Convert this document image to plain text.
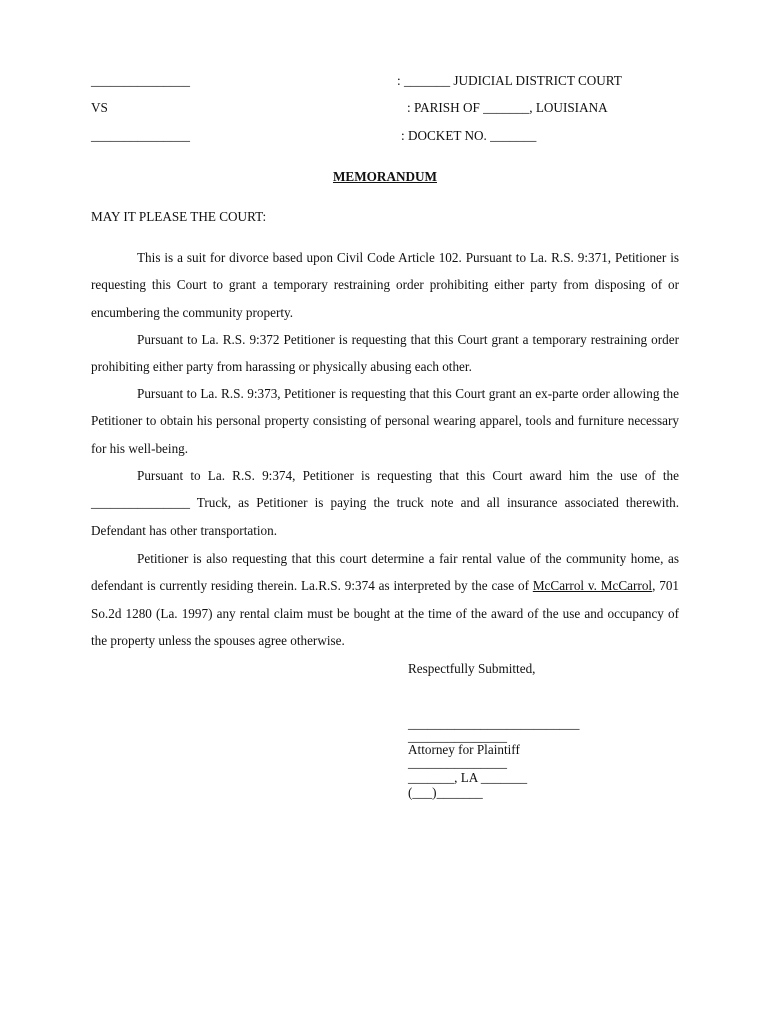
_______________	: _______ JUDICIAL DISTRICT COURT
VS	: PARISH OF _______, LOUISIANA
_______________	: DOCKET NO. _______
MEMORANDUM
MAY IT PLEASE THE COURT:

This is a suit for divorce based upon Civil Code Article 102. Pursuant to La. R.S. 9:371, Petitioner is requesting this Court to grant a temporary restraining order prohibiting either party from disposing of or encumbering the community property.

Pursuant to La. R.S. 9:372 Petitioner is requesting that this Court grant a temporary restraining order prohibiting either party from harassing or physically abusing each other.

Pursuant to La. R.S. 9:373, Petitioner is requesting that this Court grant an ex-parte order allowing the Petitioner to obtain his personal property consisting of personal wearing apparel, tools and furniture necessary for his well-being.

Pursuant to La. R.S. 9:374, Petitioner is requesting that this Court award him the use of the _______________ Truck, as Petitioner is paying the truck note and all insurance associated therewith. Defendant has other transportation.

Petitioner is also requesting that this court determine a fair rental value of the community home, as defendant is currently residing therein. La.R.S. 9:374 as interpreted by the case of McCarrol v. McCarrol, 701 So.2d 1280 (La. 1997) any rental claim must be bought at the time of the award of the use and occupancy of the property unless the spouses agree otherwise.

Respectfully Submitted,
__________________________
_______________
Attorney for Plaintiff
_______________
_______, LA _______
(___)_______
